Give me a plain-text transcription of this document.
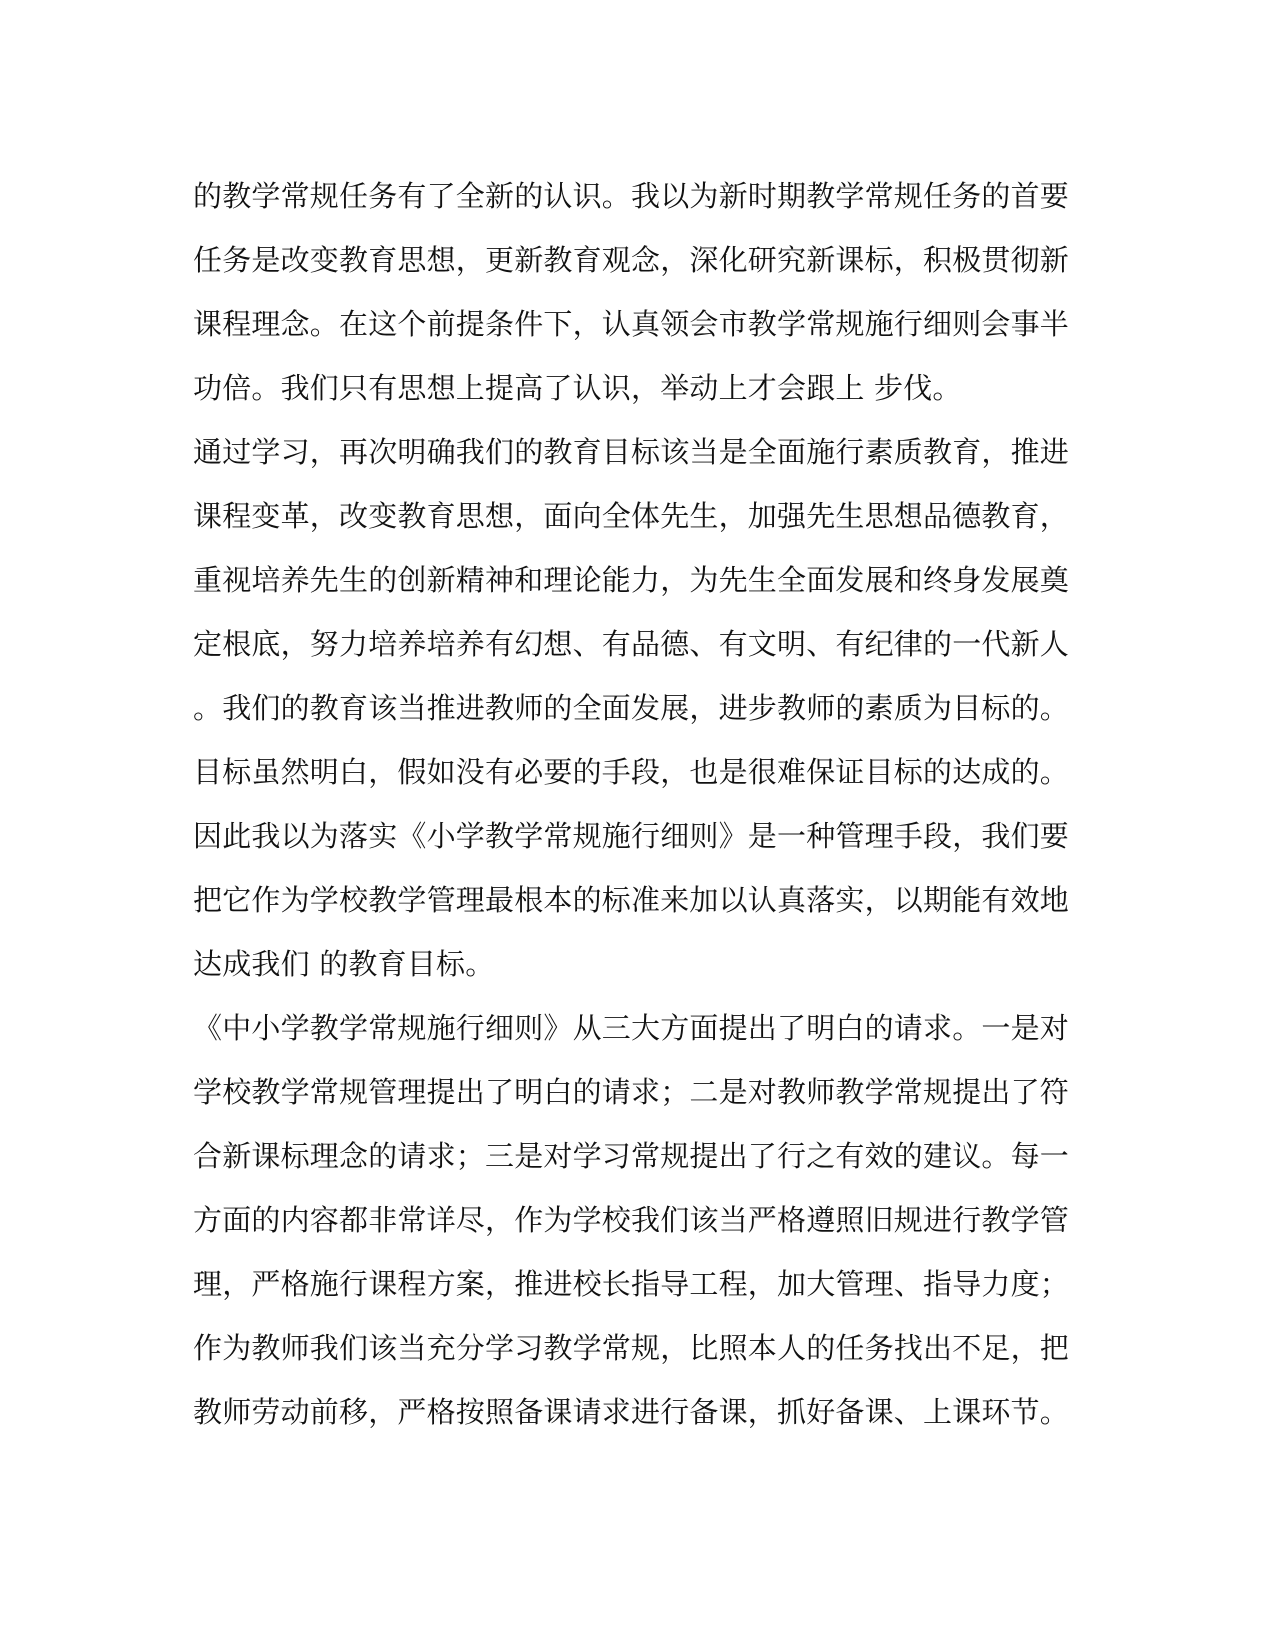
的教学常规任务有了全新的认识。我以为新时期教学常规任务的首要
任务是改变教育思想，更新教育观念，深化研究新课标，积极贯彻新
课程理念。在这个前提条件下，认真领会市教学常规施行细则会事半
功倍。我们只有思想上提高了认识，举动上才会跟上 步伐。
通过学习，再次明确我们的教育目标该当是全面施行素质教育，推进
课程变革，改变教育思想，面向全体先生，加强先生思想品德教育，
重视培养先生的创新精神和理论能力，为先生全面发展和终身发展奠
定根底，努力培养培养有幻想、有品德、有文明、有纪律的一代新人
。我们的教育该当推进教师的全面发展，进步教师的素质为目标的。
目标虽然明白，假如没有必要的手段，也是很难保证目标的达成的。
因此我以为落实《小学教学常规施行细则》是一种管理手段，我们要
把它作为学校教学管理最根本的标准来加以认真落实，以期能有效地
达成我们 的教育目标。
《中小学教学常规施行细则》从三大方面提出了明白的请求。一是对
学校教学常规管理提出了明白的请求；二是对教师教学常规提出了符
合新课标理念的请求；三是对学习常规提出了行之有效的建议。每一
方面的内容都非常详尽，作为学校我们该当严格遵照旧规进行教学管
理，严格施行课程方案，推进校长指导工程，加大管理、指导力度；
作为教师我们该当充分学习教学常规，比照本人的任务找出不足，把
教师劳动前移，严格按照备课请求进行备课，抓好备课、上课环节。
